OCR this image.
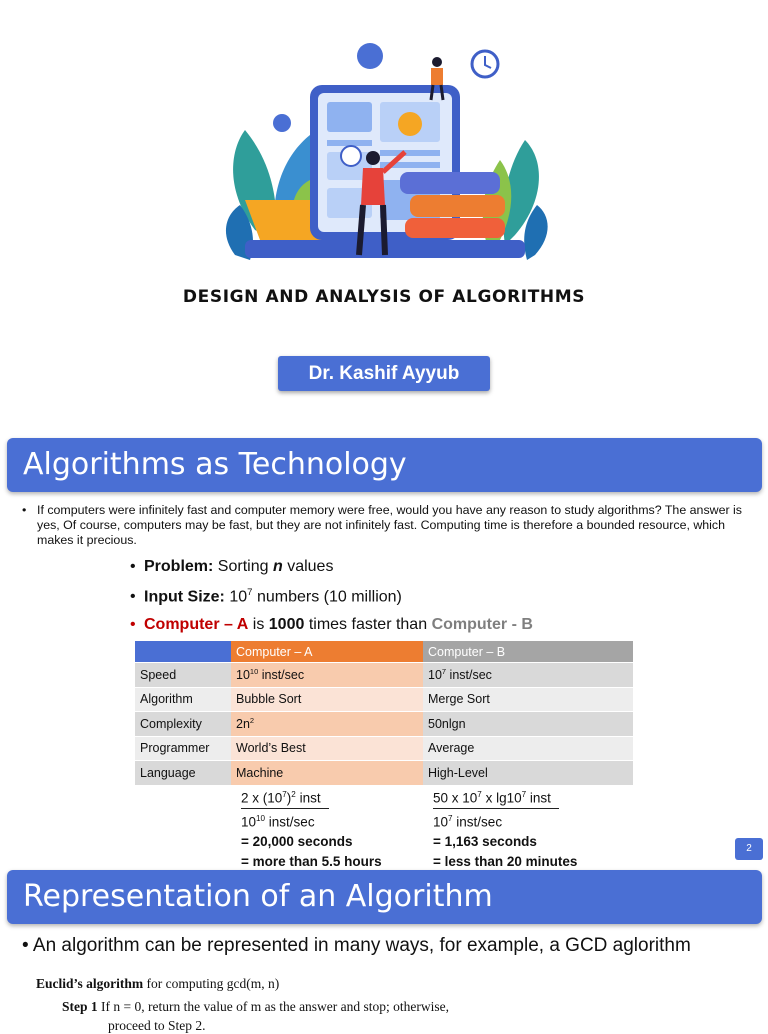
DESIGN AND ANALYSIS OF ALGORITHMS
Dr. Kashif Ayyub
Algorithms as Technology
• If computers were infinitely fast and computer memory were free, would you have any reason to study algorithms? The answer is yes, Of course, computers may be fast, but they are not infinitely fast. Computing time is therefore a bounded resource, which makes it precious.
• Problem: Sorting n values
• Input Size: $10^7$ numbers (10 million)
• Computer – A is 1000 times faster than Computer - B
	Computer – A	Computer – B
Speed	$10^{10}$ inst/sec	$10^7$ inst/sec
Algorithm	Bubble Sort	Merge Sort
Complexity	$2n^2$	50nlgn
Programmer	World’s Best	Average
Language	Machine	High-Level
2 x $(10^7)^2$ inst
$10^{10}$ inst/sec
= 20,000 seconds
= more than 5.5 hours
50 x $10^7$ x $\lg 10^7$ inst
$10^7$ inst/sec
= 1,163 seconds
= less than 20 minutes
2
Representation of an Algorithm
• An algorithm can be represented in many ways, for example, a GCD aglorithm
Euclid’s algorithm for computing gcd(m, n)
Step 1 If n = 0, return the value of m as the answer and stop; otherwise,
proceed to Step 2.
